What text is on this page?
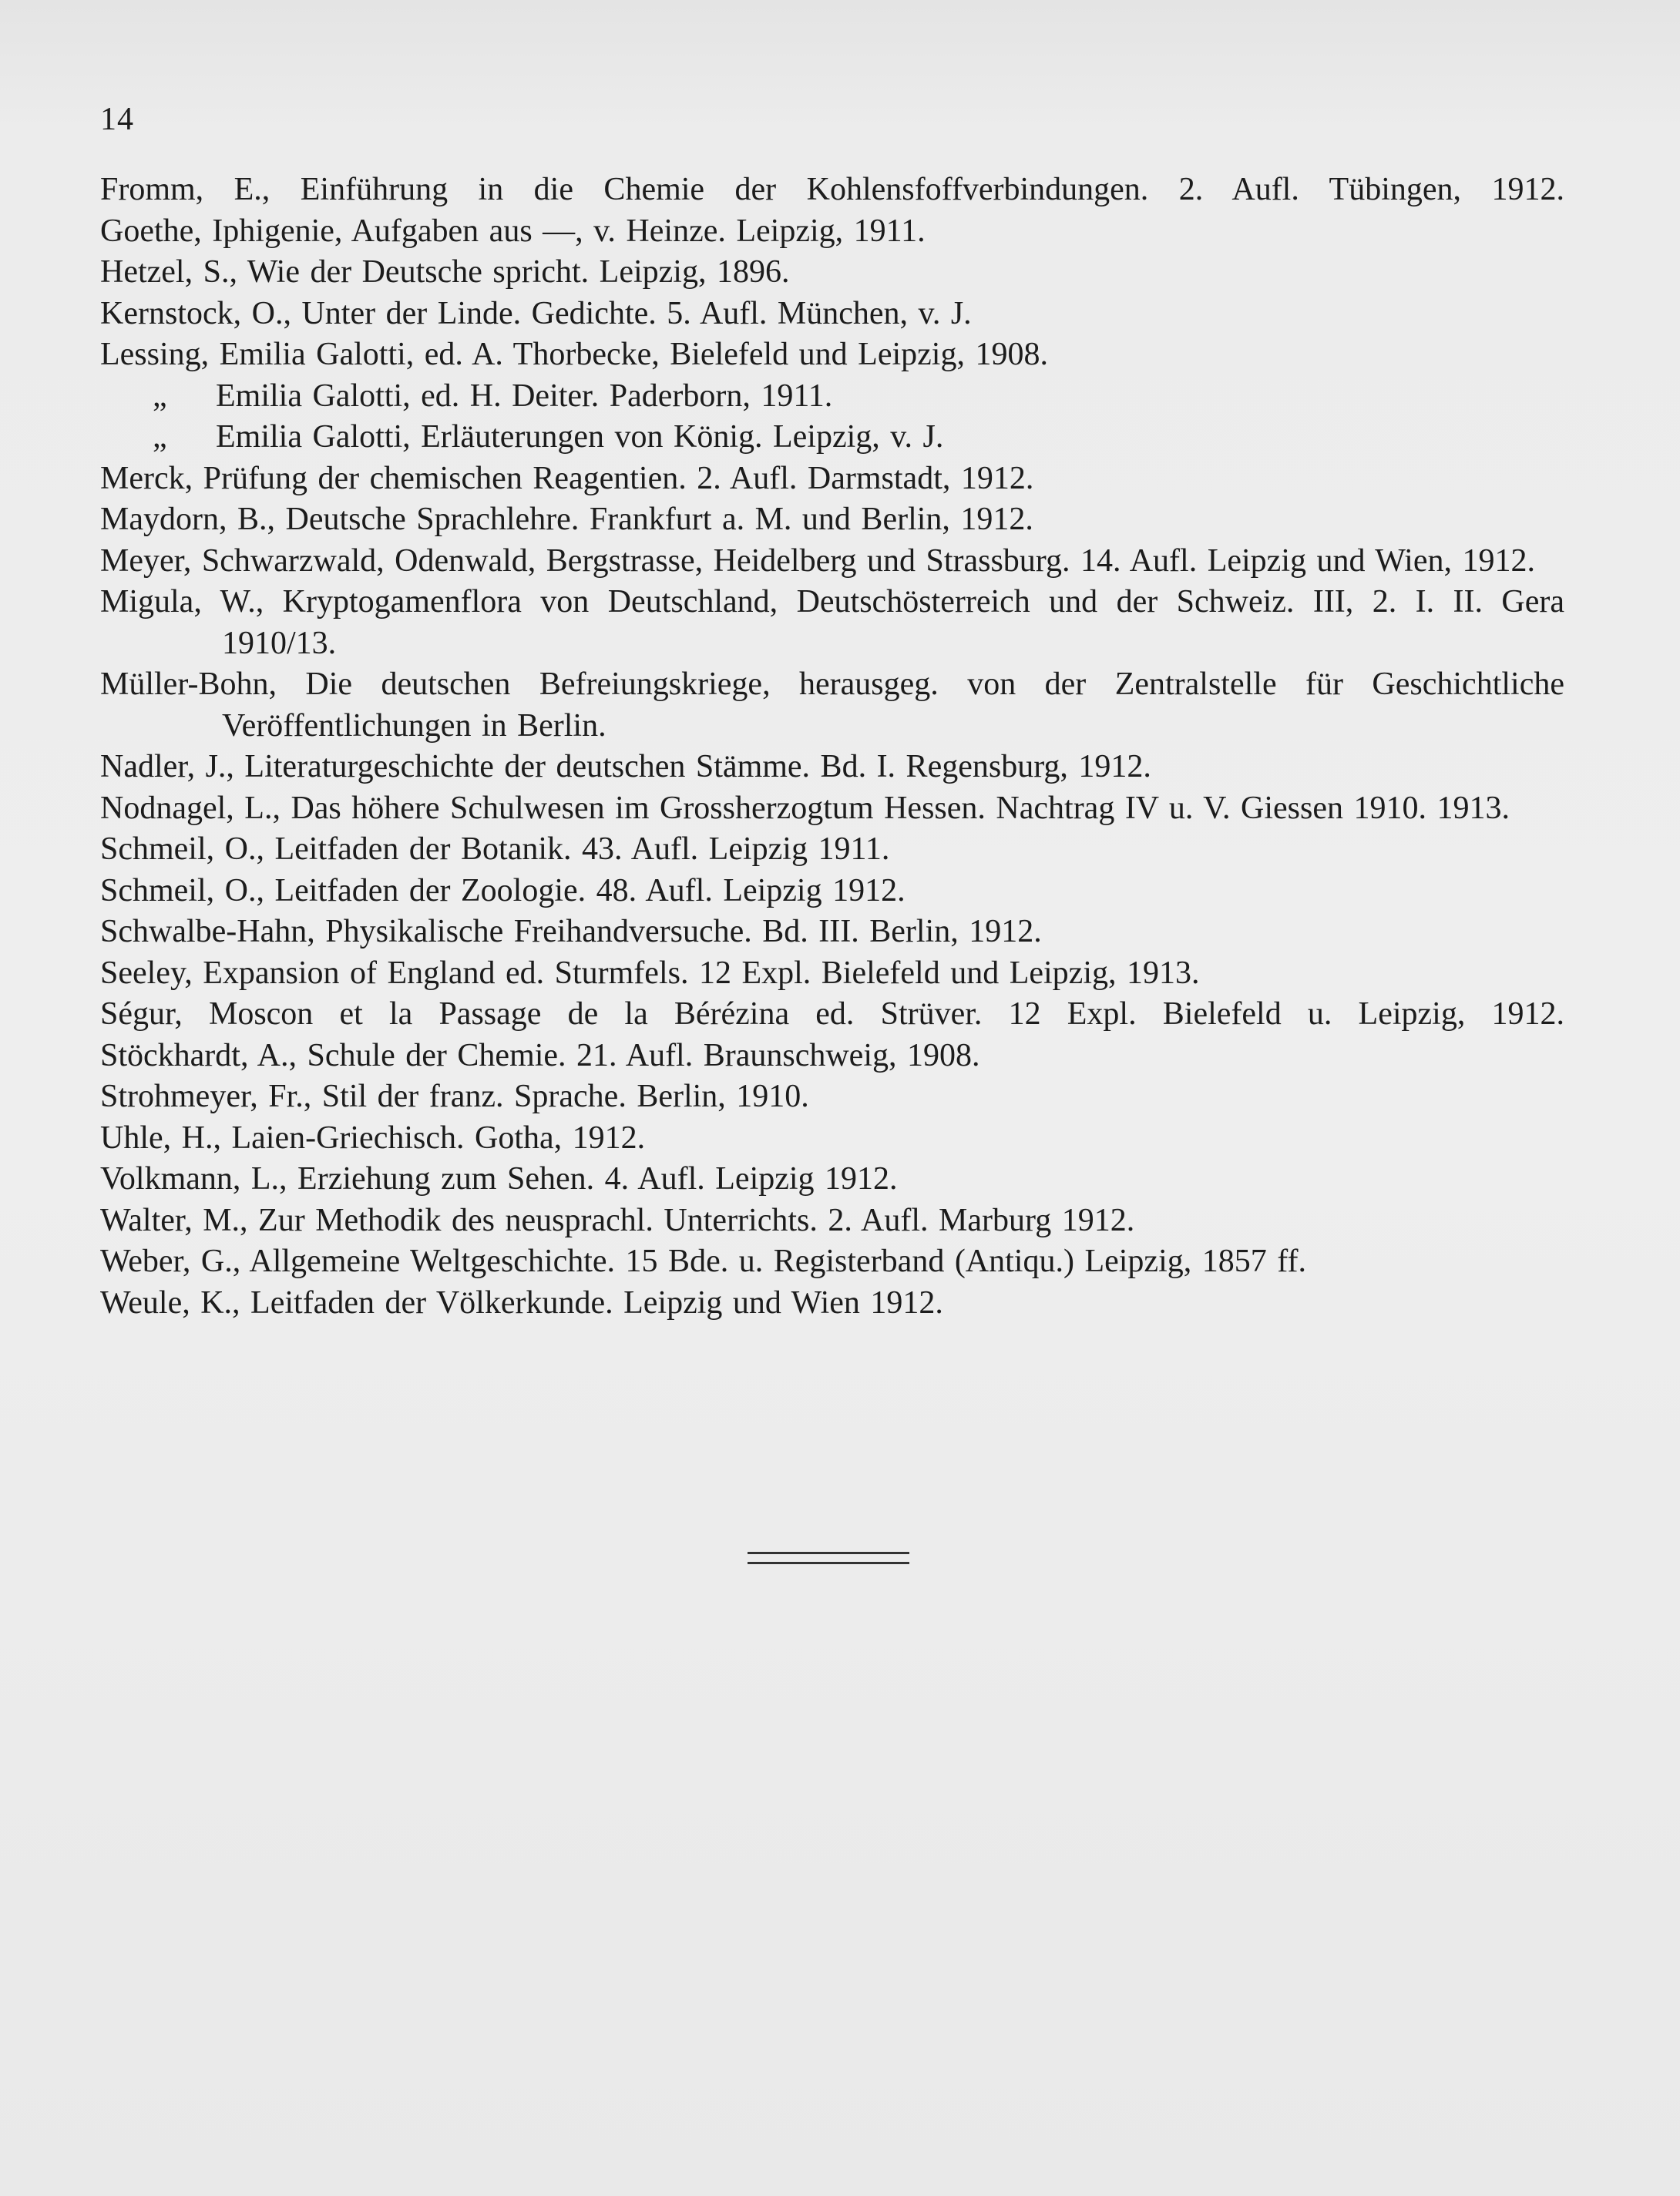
14
Fromm, E., Einführung in die Chemie der Kohlensfoffverbindungen. 2. Aufl. Tübingen, 1912.
Goethe, Iphigenie, Aufgaben aus —, v. Heinze. Leipzig, 1911.
Hetzel, S., Wie der Deutsche spricht. Leipzig, 1896.
Kernstock, O., Unter der Linde. Gedichte. 5. Aufl. München, v. J.
Lessing, Emilia Galotti, ed. A. Thorbecke, Bielefeld und Leipzig, 1908.
„ Emilia Galotti, ed. H. Deiter. Paderborn, 1911.
„ Emilia Galotti, Erläuterungen von König. Leipzig, v. J.
Merck, Prüfung der chemischen Reagentien. 2. Aufl. Darmstadt, 1912.
Maydorn, B., Deutsche Sprachlehre. Frankfurt a. M. und Berlin, 1912.
Meyer, Schwarzwald, Odenwald, Bergstrasse, Heidelberg und Strassburg. 14. Aufl. Leipzig und Wien, 1912.
Migula, W., Kryptogamenflora von Deutschland, Deutschösterreich und der Schweiz. III, 2. I. II. Gera 1910/13.
Müller-Bohn, Die deutschen Befreiungskriege, herausgeg. von der Zentralstelle für Geschichtliche Veröffentlichungen in Berlin.
Nadler, J., Literaturgeschichte der deutschen Stämme. Bd. I. Regensburg, 1912.
Nodnagel, L., Das höhere Schulwesen im Grossherzogtum Hessen. Nachtrag IV u. V. Giessen 1910. 1913.
Schmeil, O., Leitfaden der Botanik. 43. Aufl. Leipzig 1911.
Schmeil, O., Leitfaden der Zoologie. 48. Aufl. Leipzig 1912.
Schwalbe-Hahn, Physikalische Freihandversuche. Bd. III. Berlin, 1912.
Seeley, Expansion of England ed. Sturmfels. 12 Expl. Bielefeld und Leipzig, 1913.
Ségur, Moscon et la Passage de la Bérézina ed. Strüver. 12 Expl. Bielefeld u. Leipzig, 1912.
Stöckhardt, A., Schule der Chemie. 21. Aufl. Braunschweig, 1908.
Strohmeyer, Fr., Stil der franz. Sprache. Berlin, 1910.
Uhle, H., Laien-Griechisch. Gotha, 1912.
Volkmann, L., Erziehung zum Sehen. 4. Aufl. Leipzig 1912.
Walter, M., Zur Methodik des neusprachl. Unterrichts. 2. Aufl. Marburg 1912.
Weber, G., Allgemeine Weltgeschichte. 15 Bde. u. Registerband (Antiqu.) Leipzig, 1857 ff.
Weule, K., Leitfaden der Völkerkunde. Leipzig und Wien 1912.
